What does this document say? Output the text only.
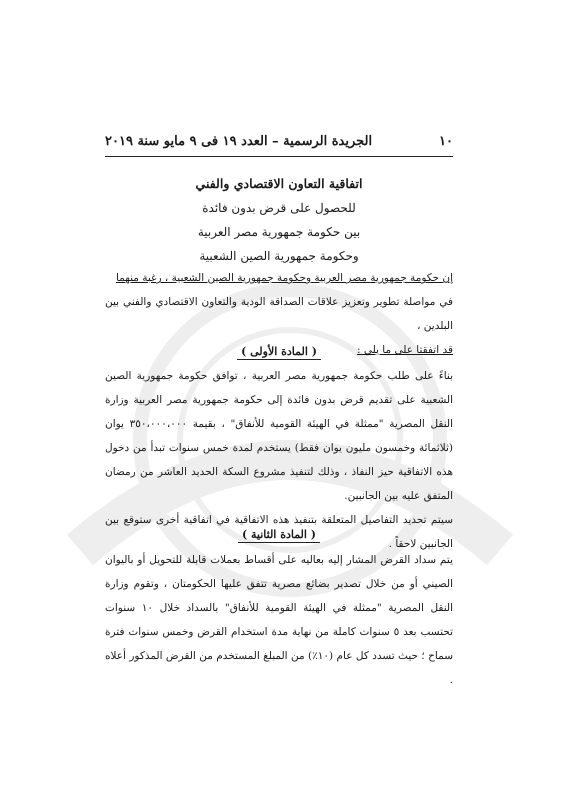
١٠
الجريدة الرسمية – العدد ١٩ فى ٩ مايو سنة ٢٠١٩
اتفاقية التعاون الاقتصادي والفني
للحصول على قرض بدون فائدة
بين حكومة جمهورية مصر العربية
وحكومة جمهورية الصين الشعبية

إن حكومة جمهورية مصر العربية وحكومة جمهورية الصين الشعبية ، رغبة منهما

في مواصلة تطوير وتعزيز علاقات الصداقة الودية والتعاون الاقتصادي والفني بين البلدين ،

قد اتفقتا على ما يلي :

( المادة الأولى )

بناءً على طلب حكومة جمهورية مصر العربية ، توافق حكومة جمهورية الصين الشعبية على تقديم قرض بدون فائدة إلى حكومة جمهورية مصر العربية وزارة النقل المصرية "ممثلة في الهيئة القومية للأنفاق" ، بقيمة ٣٥٠،٠٠٠،٠٠٠ يوان (ثلاثمائة وخمسون مليون يوان فقط) يستخدم لمدة خمس سنوات تبدأ من دخول هذه الاتفاقية حيز النفاذ ، وذلك لتنفيذ مشروع السكة الحديد العاشر من رمضان المتفق عليه بين الجانبين.

سيتم تحديد التفاصيل المتعلقة بتنفيذ هذه الاتفاقية في اتفاقية أخرى ستوقع بين الجانبين لاحقاً .

( المادة الثانية )

يتم سداد القرض المشار إليه بعاليه على أقساط بعملات قابلة للتحويل أو باليوان الصيني أو من خلال تصدير بضائع مصرية تتفق عليها الحكومتان ، وتقوم وزارة النقل المصرية "ممثلة في الهيئة القومية للأنفاق" بالسداد خلال ١٠ سنوات تحتسب بعد ٥ سنوات كاملة من نهاية مدة استخدام القرض وخمس سنوات فترة سماح ؛ حيث تسدد كل عام (١٠٪) من المبلغ المستخدم من القرض المذكور أعلاه .
